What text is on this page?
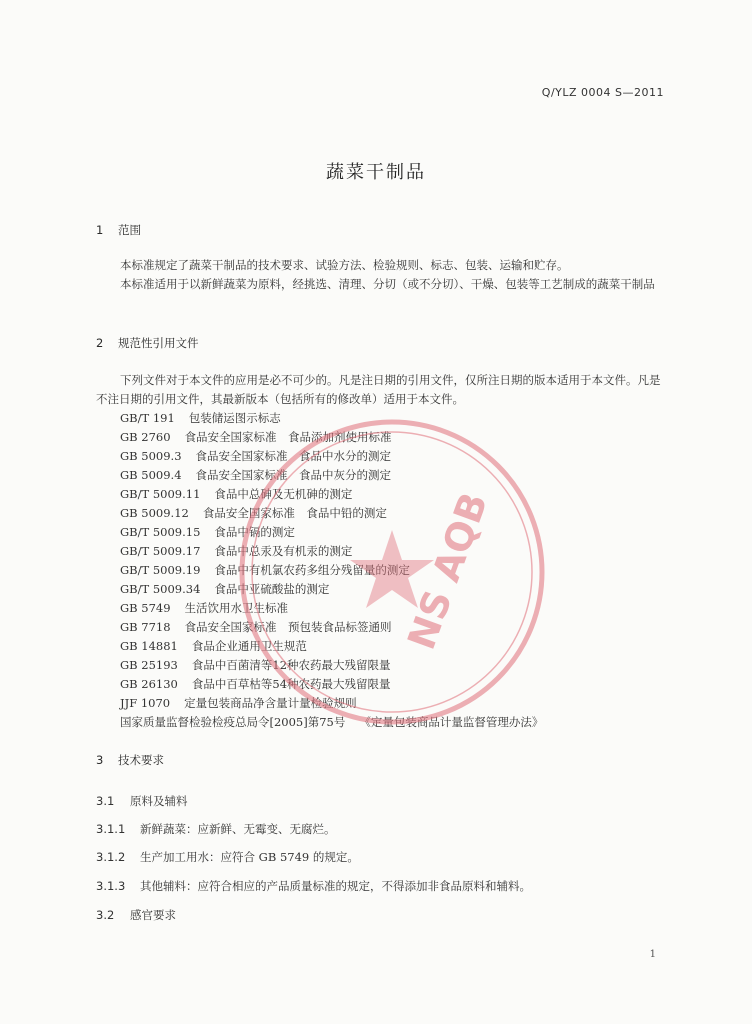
Q/YLZ 0004 S—2011
蔬菜干制品
1 范围
本标准规定了蔬菜干制品的技术要求、试验方法、检验规则、标志、包装、运输和贮存。
本标准适用于以新鲜蔬菜为原料，经挑选、清理、分切（或不分切）、干燥、包装等工艺制成的蔬菜干制品
2 规范性引用文件
下列文件对于本文件的应用是必不可少的。凡是注日期的引用文件，仅所注日期的版本适用于本文件。凡是不注日期的引用文件，其最新版本（包括所有的修改单）适用于本文件。
GB/T 191 包装储运图示标志
GB 2760 食品安全国家标准　食品添加剂使用标准
GB 5009.3 食品安全国家标准　食品中水分的测定
GB 5009.4 食品安全国家标准　食品中灰分的测定
GB/T 5009.11 食品中总砷及无机砷的测定
GB 5009.12 食品安全国家标准　食品中铅的测定
GB/T 5009.15 食品中镉的测定
GB/T 5009.17 食品中总汞及有机汞的测定
GB/T 5009.19 食品中有机氯农药多组分残留量的测定
GB/T 5009.34 食品中亚硫酸盐的测定
GB 5749 生活饮用水卫生标准
GB 7718 食品安全国家标准　预包装食品标签通则
GB 14881 食品企业通用卫生规范
GB 25193 食品中百菌清等12种农药最大残留限量
GB 26130 食品中百草枯等54种农药最大残留限量
JJF 1070 定量包装商品净含量计量检验规则
国家质量监督检验检疫总局令[2005]第75号 《定量包装商品计量监督管理办法》
NS AQB
3 技术要求
3.1 原料及辅料
3.1.1 新鲜蔬菜：应新鲜、无霉变、无腐烂。
3.1.2 生产加工用水：应符合 GB 5749 的规定。
3.1.3 其他辅料：应符合相应的产品质量标准的规定，不得添加非食品原料和辅料。
3.2 感官要求
1
